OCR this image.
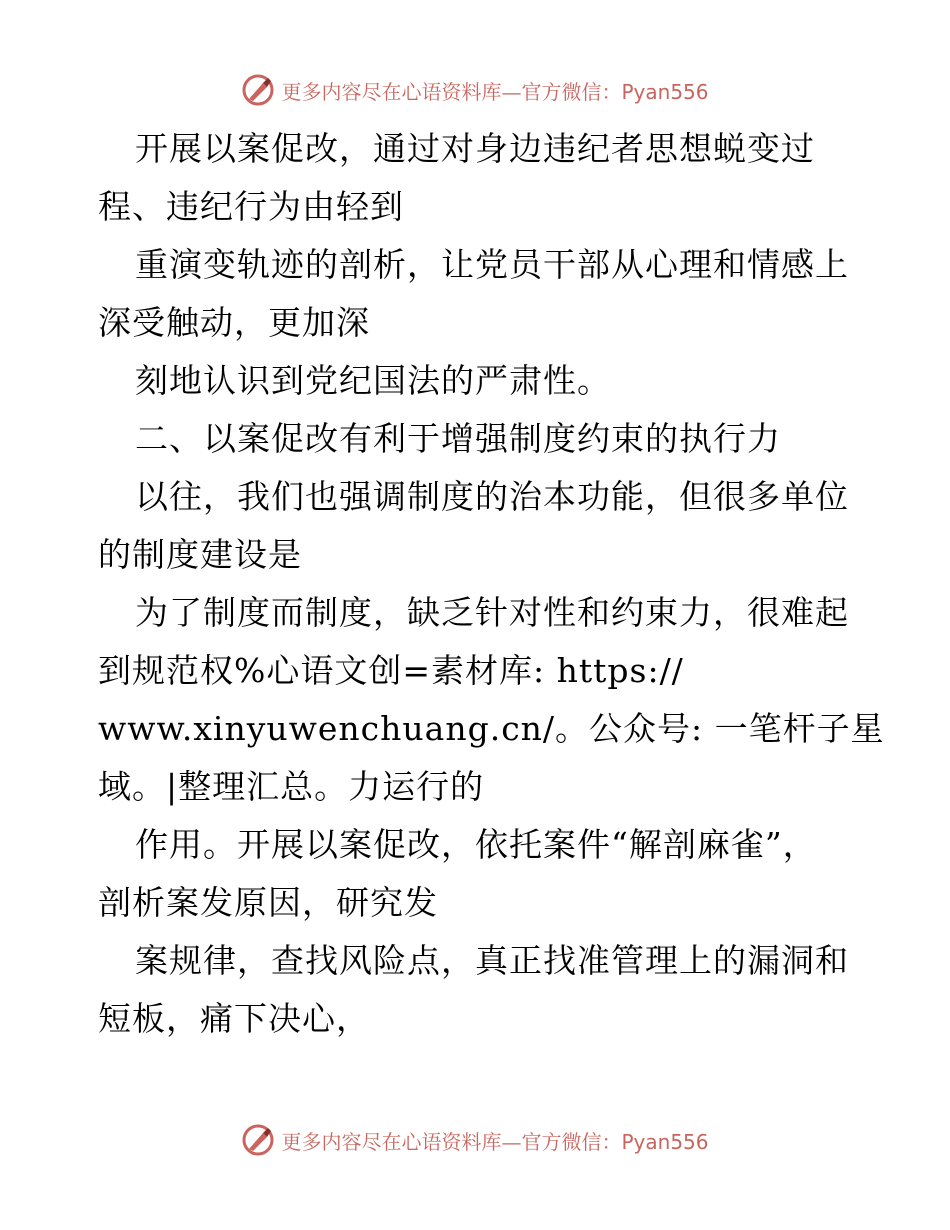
更多内容尽在心语资料库—官方微信：Pyan556
开展以案促改，通过对身边违纪者思想蜕变过
程、违纪行为由轻到
重演变轨迹的剖析，让党员干部从心理和情感上
深受触动，更加深
刻地认识到党纪国法的严肃性。
二、以案促改有利于增强制度约束的执行力
以往，我们也强调制度的治本功能，但很多单位
的制度建设是
为了制度而制度，缺乏针对性和约束力，很难起
到规范权%心语文创=素材库: https://
www.xinyuwenchuang.cn/。公众号: 一笔杆子星
域。|整理汇总。力运行的
作用。开展以案促改，依托案件“解剖麻雀”，
剖析案发原因，研究发
案规律，查找风险点，真正找准管理上的漏洞和
短板，痛下决心，
更多内容尽在心语资料库—官方微信：Pyan556
